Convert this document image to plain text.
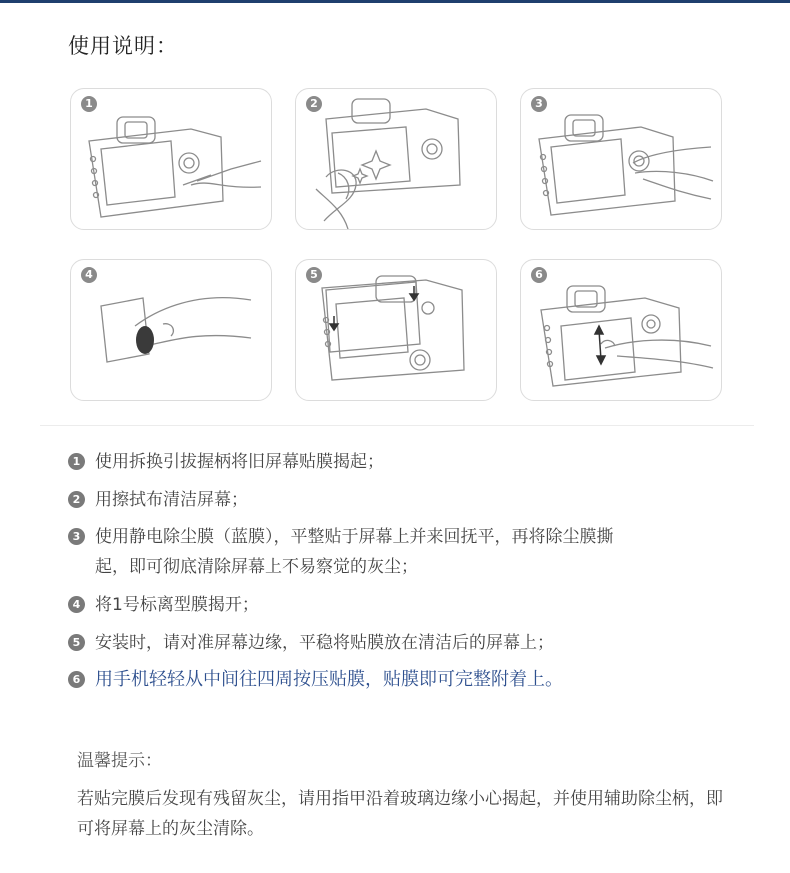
使用说明：
1	2	3
4	5	6
1 使用拆换引拔握柄将旧屏幕贴膜揭起；
2 用擦拭布清洁屏幕；
3 使用静电除尘膜（蓝膜），平整贴于屏幕上并来回抚平，再将除尘膜撕
起，即可彻底清除屏幕上不易察觉的灰尘；
4 将1号标离型膜揭开；
5 安装时，请对准屏幕边缘，平稳将贴膜放在清洁后的屏幕上；
6 用手机轻轻从中间往四周按压贴膜，贴膜即可完整附着上。
温馨提示：
若贴完膜后发现有残留灰尘，请用指甲沿着玻璃边缘小心揭起，并使用辅助除尘柄，即可将屏幕上的灰尘清除。
